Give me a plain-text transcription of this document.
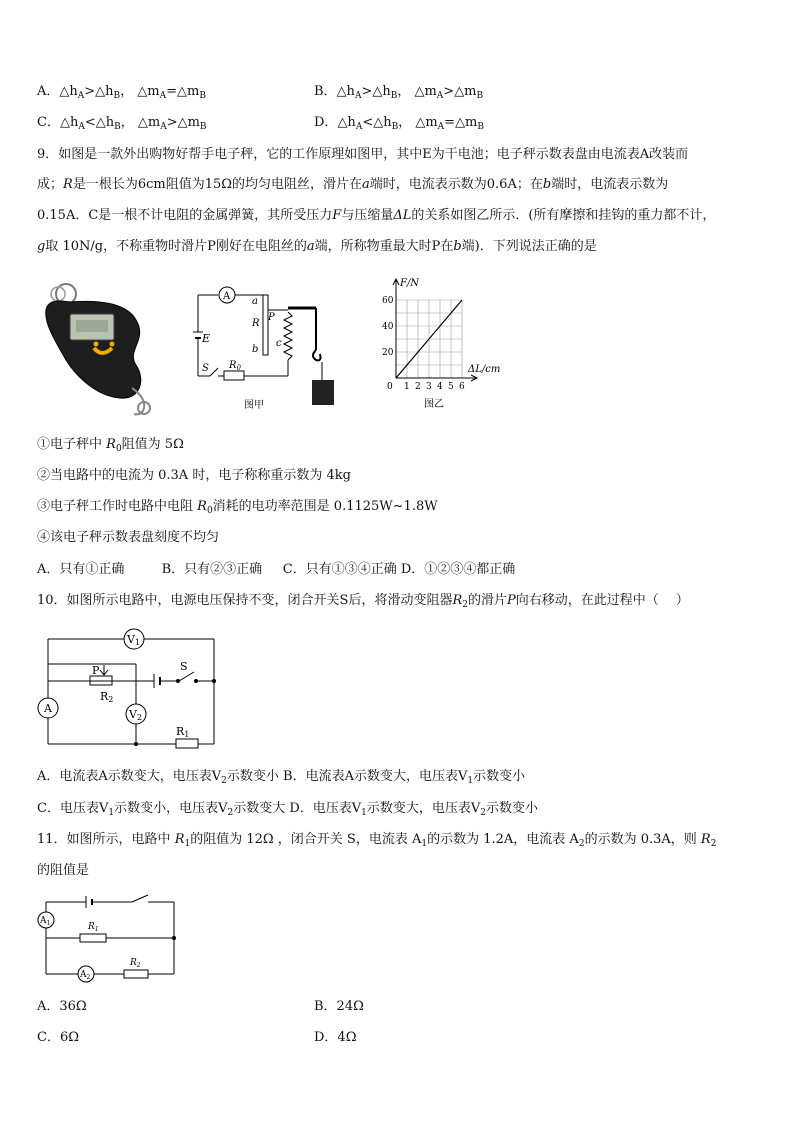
A．$\triangle h_A>\triangle h_B$， $\triangle m_A=\triangle m_B$	B．$\triangle h_A>\triangle h_B$， $\triangle m_A>\triangle m_B$
C．$\triangle h_A<\triangle h_B$， $\triangle m_A>\triangle m_B$	D．$\triangle h_A<\triangle h_B$， $\triangle m_A=\triangle m_B$
9．如图是一款外出购物好帮手电子秤，它的工作原理如图甲，其中E为干电池；电子秤示数表盘由电流表A改装而
成；R是一根长为6cm阻值为15Ω的均匀电阻丝，滑片在a端时，电流表示数为0.6A；在b端时，电流表示数为
0.15A．C是一根不计电阻的金属弹簧，其所受压力F与压缩量ΔL的关系如图乙所示．(所有摩擦和挂钩的重力都不计，
g取 10N/g，不称重物时滑片P刚好在电阻丝的a端，所称物重最大时P在b端)．下列说法正确的是
A
E
S $R_0$
a
R
b
P
c
图甲
0 1 2 3 4 5 6
20
40
60
F/N
ΔL/cm
图乙
①电子秤中 $R_0$阻值为 5Ω
②当电路中的电流为 0.3A 时，电子称称重示数为 4kg
③电子秤工作时电路中电阻 $R_0$消耗的电功率范围是 0.1125W~1.8W
④该电子秤示数表盘刻度不均匀
A．只有①正确         B．只有②③正确     C．只有①③④正确 D．①②③④都正确
10．如图所示电路中，电源电压保持不变，闭合开关S后，将滑动变阻器$R_2$的滑片P向右移动，在此过程中（　 ）
V1
A
R1
P
R2
S
V2
A．电流表A示数变大，电压表$V_2$示数变小 B．电流表A示数变大，电压表$V_1$示数变小
C．电压表$V_1$示数变小，电压表$V_2$示数变大 D．电压表$V_1$示数变大，电压表$V_2$示数变小
11．如图所示，电路中 $R_1$的阻值为 12Ω ，闭合开关 S，电流表 $A_1$的示数为 1.2A，电流表 $A_2$的示数为 0.3A，则 $R_2$
的阻值是
$A_1$	$R_1$
$A_2$
$R_2$
A．36Ω	B．24Ω
C．6Ω	D．4Ω
